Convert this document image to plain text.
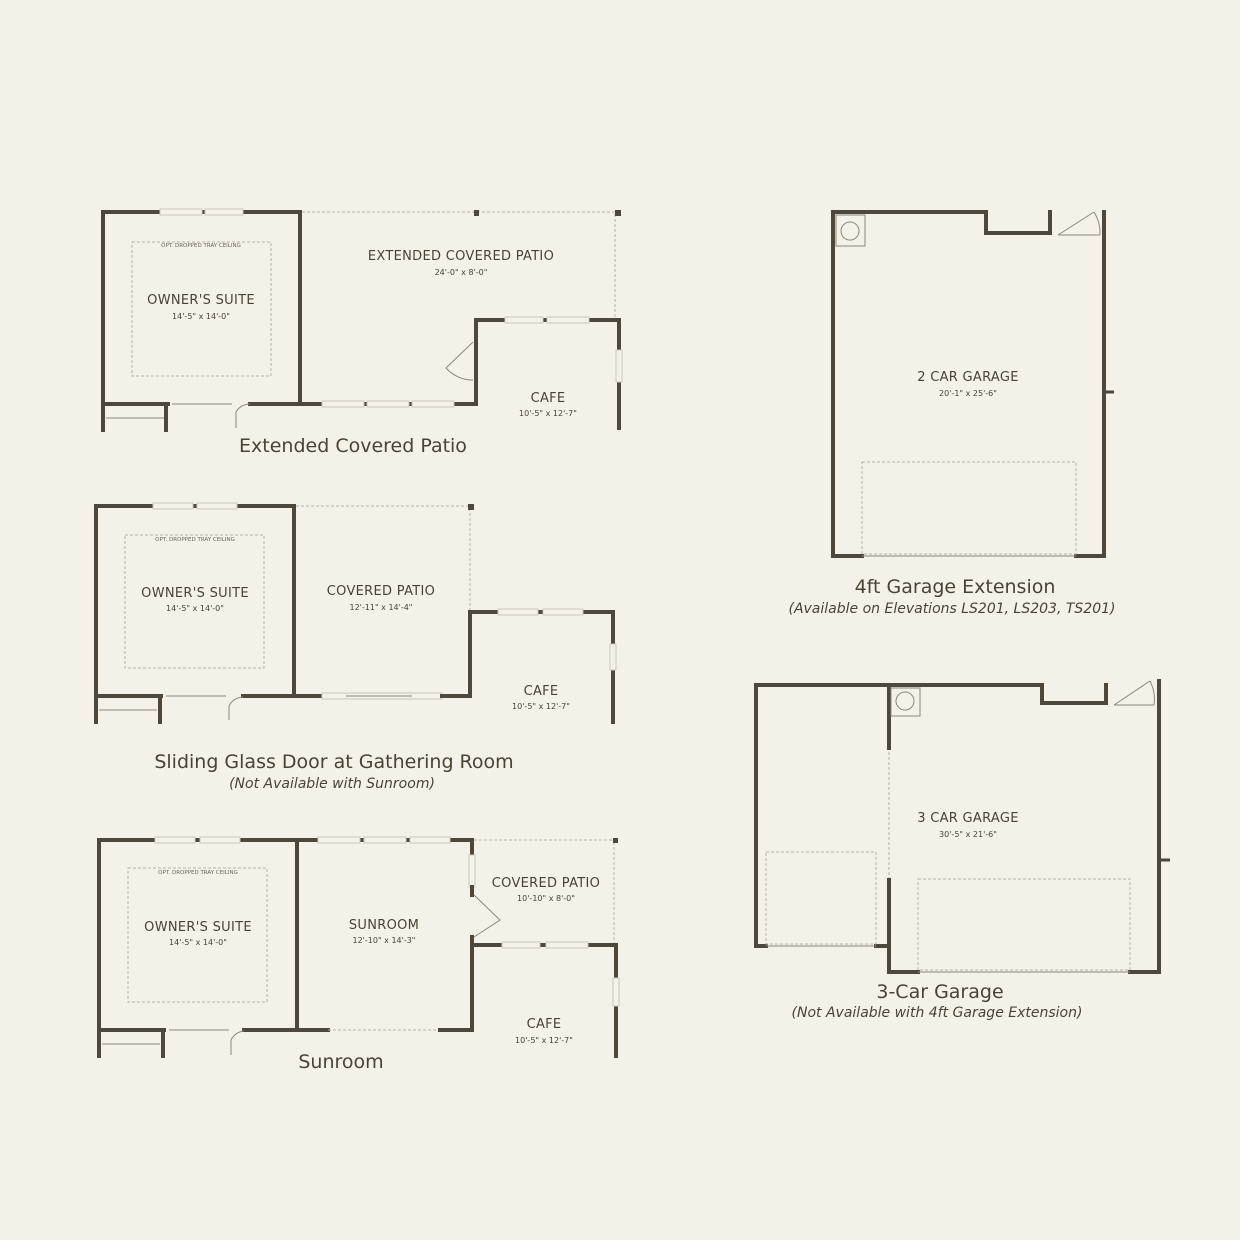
OPT. DROPPED TRAY CEILING
OWNER'S SUITE
14'-5" x 14'-0"
EXTENDED COVERED PATIO
24'-0" x 8'-0"
CAFE
10'-5" x 12'-7"
Extended Covered Patio
OPT. DROPPED TRAY CEILING
OWNER'S SUITE
14'-5" x 14'-0"
COVERED PATIO
12'-11" x 14'-4"
CAFE
10'-5" x 12'-7"
Sliding Glass Door at Gathering Room
(Not Available with Sunroom)
OPT. DROPPED TRAY CEILING
OWNER'S SUITE
14'-5" x 14'-0"
SUNROOM
12'-10" x 14'-3"
COVERED PATIO
10'-10" x 8'-0"
CAFE
10'-5" x 12'-7"
Sunroom
2 CAR GARAGE
20'-1" x 25'-6"
4ft Garage Extension
(Available on Elevations LS201, LS203, TS201)
3 CAR GARAGE
30'-5" x 21'-6"
3-Car Garage
(Not Available with 4ft Garage Extension)
